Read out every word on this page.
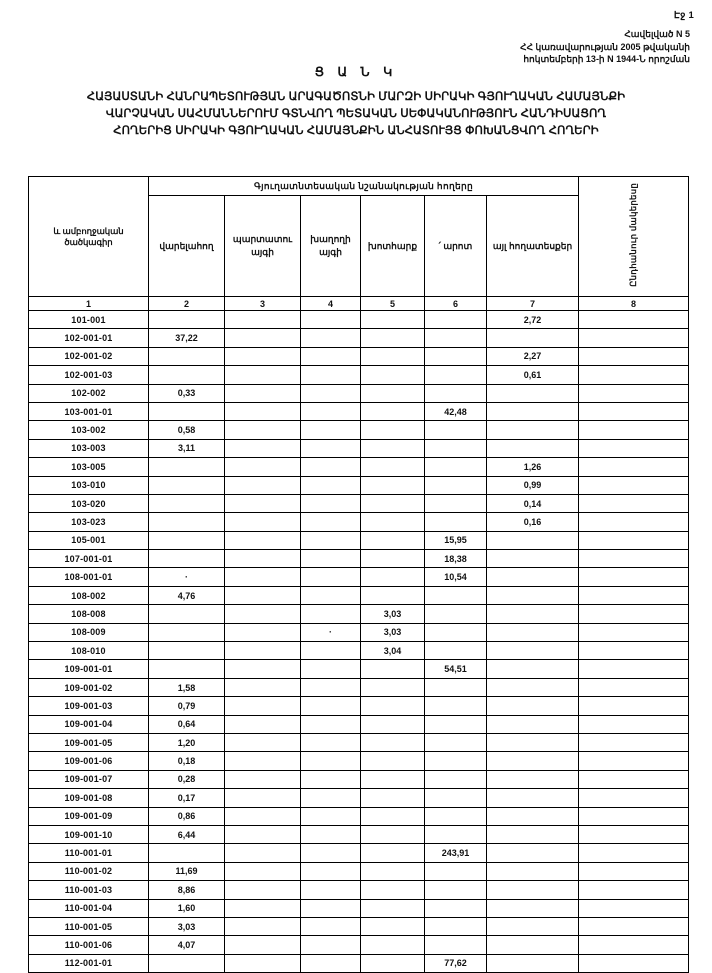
Էջ 1
Հավելված N 5
ՀՀ կառավարության 2005 թվականի
հոկտեմբերի 13-ի N 1944-Ն որոշման
Ց Ա Ն Կ
ՀԱՅԱՍՏԱՆԻ ՀԱՆՐԱՊԵՏՈՒԹՅԱՆ ԱՐԱԳԱԾՈՏՆԻ ՄԱՐԶԻ ՍԻՐԱԿԻ ԳՅՈՒՂԱԿԱՆ ՀԱՄԱՅՆՔԻ
ՎԱՐՉԱԿԱՆ ՍԱՀՄԱՆՆԵՐՈՒՄ ԳՏՆՎՈՂ ՊԵՏԱԿԱՆ ՍԵՓԱԿԱՆՈՒԹՅՈՒՆ ՀԱՆԴԻՍԱՑՈՂ
ՀՈՂԵՐԻՑ ՍԻՐԱԿԻ ԳՅՈՒՂԱԿԱՆ ՀԱՄԱՅՆՔԻՆ ԱՆՀԱՏՈՒՅՑ ՓՈԽԱՆՑՎՈՂ ՀՈՂԵՐԻ
և ամբողջական ծածկագիր	Գյուղատնտեսական նշանակության հողերը						Ընդհանուր մակերեսը
	վարելահող	պարտատու այգի	խաղողի այգի	խոտհարք	՛ արոտ	այլ հողատեսքեր	
1	2	3	4	5	6	7	8
101-001						2,72	
102-001-01	37,22						
102-001-02						2,27	
102-001-03						0,61	
102-002	0,33						
103-001-01					42,48		
103-002	0,58						
103-003	3,11						
103-005						1,26	
103-010						0,99	
103-020						0,14	
103-023						0,16	
105-001					15,95		
107-001-01					18,38		
108-001-01	·				10,54		
108-002	4,76						
108-008				3,03			
108-009			·	3,03			
108-010				3,04			
109-001-01					54,51		
109-001-02	1,58						
109-001-03	0,79						
109-001-04	0,64						
109-001-05	1,20						
109-001-06	0,18						
109-001-07	0,28						
109-001-08	0,17						
109-001-09	0,86						
109-001-10	6,44						
110-001-01					243,91		
110-001-02	11,69						
110-001-03	8,86						
110-001-04	1,60						
110-001-05	3,03						
110-001-06	4,07						
112-001-01					77,62		
